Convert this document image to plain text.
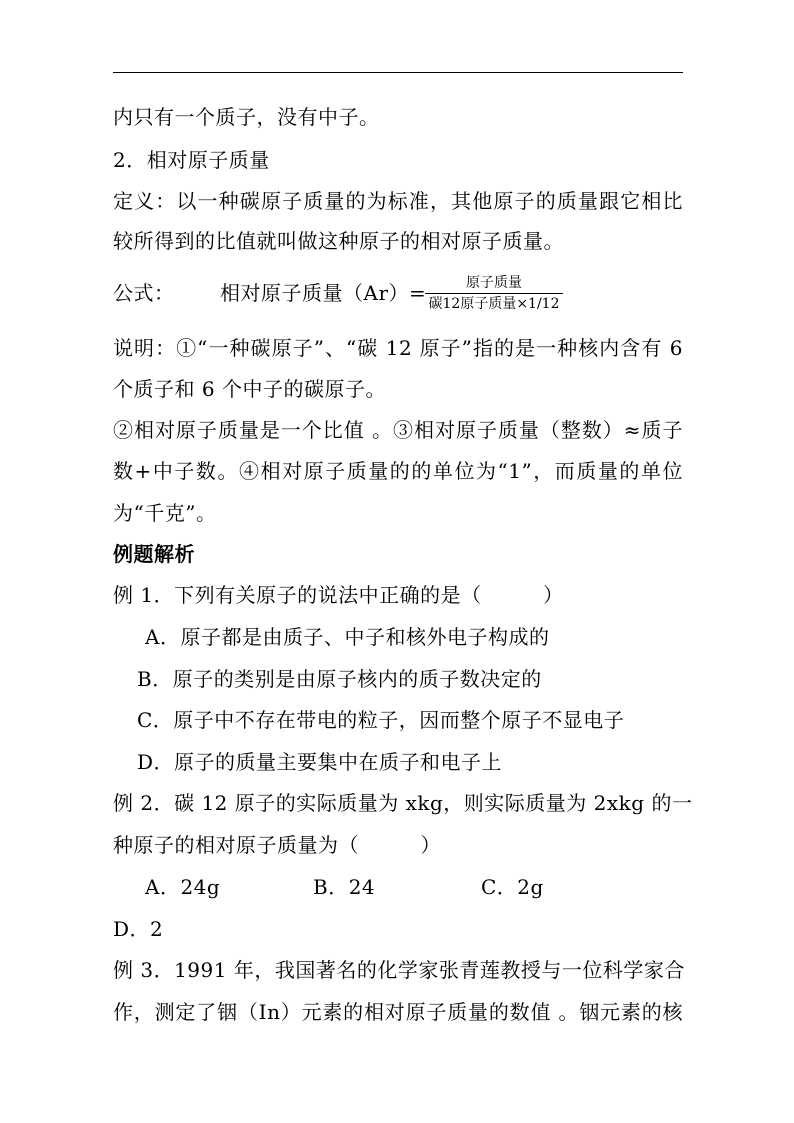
内只有一个质子，没有中子。
2．相对原子质量
定义：以一种碳原子质量的为标准，其他原子的质量跟它相比
较所得到的比值就叫做这种原子的相对原子质量。
公式：	相对原子质量（Ar）=	原子质量
碳12原子质量×1/12
说明：①“一种碳原子”、“碳 12 原子”指的是一种核内含有 6
个质子和 6 个中子的碳原子。
②相对原子质量是一个比值 。③相对原子质量（整数）≈质子
数+中子数。④相对原子质量的的单位为“1”，而质量的单位
为“千克”。
例题解析
例 1．下列有关原子的说法中正确的是（　　　）
A．原子都是由质子、中子和核外电子构成的
B．原子的类别是由原子核内的质子数决定的
C．原子中不存在带电的粒子，因而整个原子不显电子
D．原子的质量主要集中在质子和电子上
例 2．碳 12 原子的实际质量为 xkg，则实际质量为 2xkg 的一
种原子的相对原子质量为（　　　）
A．24g	B．24	C．2g
D．2
例 3．1991 年，我国著名的化学家张青莲教授与一位科学家合
作，测定了铟（In）元素的相对原子质量的数值 。铟元素的核
